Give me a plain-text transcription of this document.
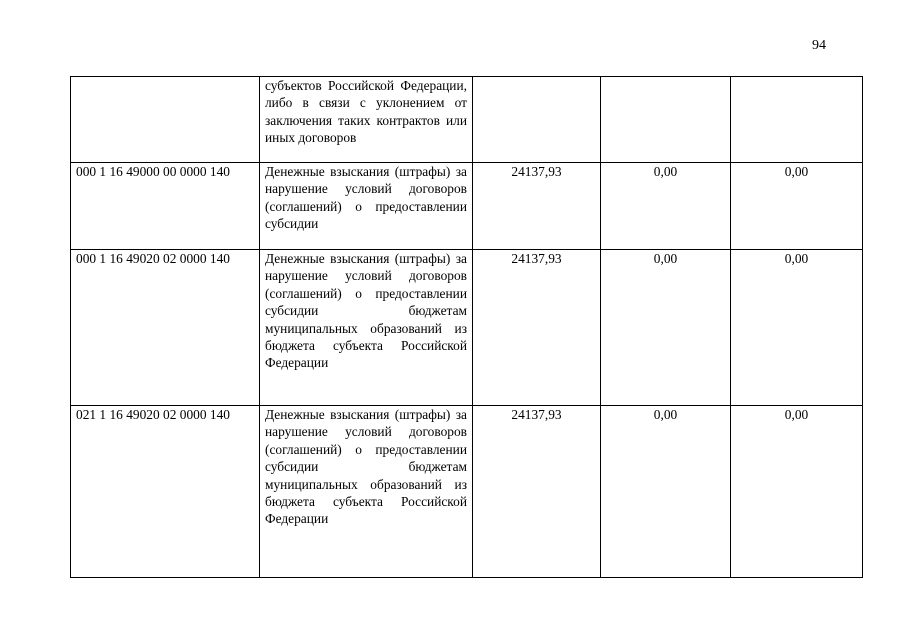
94
	субъектов Российской Федерации, либо в связи с уклонением от заключения таких контрактов или иных договоров			
000 1 16 49000 00 0000 140	Денежные взыскания (штрафы) за нарушение условий договоров (соглашений) о предоставлении субсидии	24137,93	0,00	0,00
000 1 16 49020 02 0000 140	Денежные взыскания (штрафы) за нарушение условий договоров (соглашений) о предоставлении субсидии бюджетам муниципальных образований из бюджета субъекта Российской Федерации	24137,93	0,00	0,00
021 1 16 49020 02 0000 140	Денежные взыскания (штрафы) за нарушение условий договоров (соглашений) о предоставлении субсидии бюджетам муниципальных образований из бюджета субъекта Российской Федерации	24137,93	0,00	0,00
